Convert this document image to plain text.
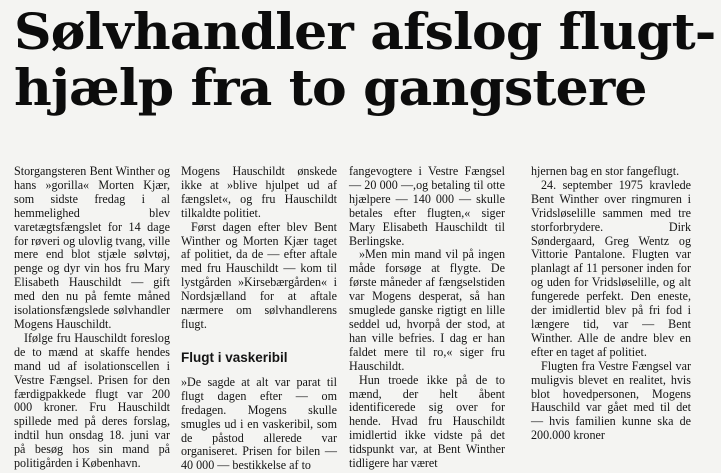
Sølvhandler afslog flugt-
hjælp fra to gangstere

Storgangsteren Bent Winther og hans »gorilla« Morten Kjær, som sidste fredag i al hemmelighed blev varetægtsfængslet for 14 dage for røveri og ulovlig tvang, ville mere end blot stjæle sølvtøj, penge og dyr vin hos fru Mary Elisabeth Hauschildt — gift med den nu på femte måned isolationsfængslede sølvhandler Mogens Hauschildt.

Ifølge fru Hauschildt foreslog de to mænd at skaffe hendes mand ud af isolationscellen i Vestre Fængsel. Prisen for den færdigpakkede flugt var 200 000 kroner. Fru Hauschildt spillede med på deres forslag, indtil hun onsdag 18. juni var på besøg hos sin mand på politigården i København.

Mogens Hauschildt ønskede ikke at »blive hjulpet ud af fængslet«, og fru Hauschildt tilkaldte politiet.

Først dagen efter blev Bent Winther og Morten Kjær taget af politiet, da de — efter aftale med fru Hauschildt — kom til lystgården »Kirsebærgården« i Nordsjælland for at aftale nærmere om sølvhandlerens flugt.

Flugt i vaskeribil

»De sagde at alt var parat til flugt dagen efter — om fredagen. Mogens skulle smugles ud i en vaskeribil, som de påstod allerede var organiseret. Prisen for bilen — 40 000 — bestikkelse af to

fangevogtere i Vestre Fængsel — 20 000 —,og betaling til otte hjælpere — 140 000 — skulle betales efter flugten,« siger Mary Elisabeth Hauschildt til Berlingske.

»Men min mand vil på ingen måde forsøge at flygte. De første måneder af fængselstiden var Mogens desperat, så han smuglede ganske rigtigt en lille seddel ud, hvorpå der stod, at han ville befries. I dag er han faldet mere til ro,« siger fru Hauschildt.

Hun troede ikke på de to mænd, der helt åbent identificerede sig over for hende. Hvad fru Hauschildt imidlertid ikke vidste på det tidspunkt var, at Bent Winther tidligere har været

hjernen bag en stor fangeflugt.

24. september 1975 kravlede Bent Winther over ringmuren i Vridsløselille sammen med tre storforbrydere. Dirk Søndergaard, Greg Wentz og Vittorie Pantalone. Flugten var planlagt af 11 personer inden for og uden for Vridsløselille, og alt fungerede perfekt. Den eneste, der imidlertid blev på fri fod i længere tid, var — Bent Winther. Alle de andre blev en efter en taget af politiet.

Flugten fra Vestre Fængsel var muligvis blevet en realitet, hvis blot hovedpersonen, Mogens Hauschild var gået med til det — hvis familien kunne ska de 200.000 kroner
